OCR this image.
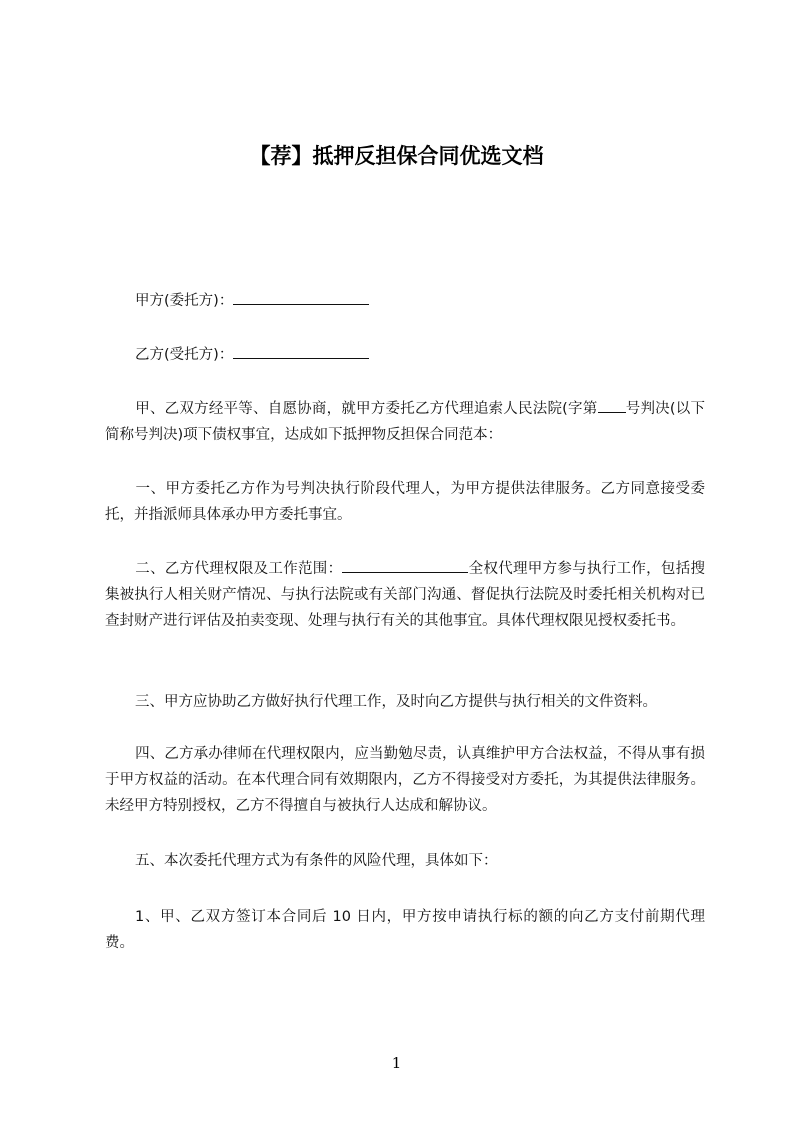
【荐】抵押反担保合同优选文档
甲方(委托方)：
乙方(受托方)：
甲、乙双方经平等、自愿协商，就甲方委托乙方代理追索人民法院(字第 号判决(以下简称号判决)项下债权事宜，达成如下抵押物反担保合同范本：
一、甲方委托乙方作为号判决执行阶段代理人，为甲方提供法律服务。乙方同意接受委托，并指派师具体承办甲方委托事宜。
二、乙方代理权限及工作范围：	全权代理甲方参与执行工作，包括搜集被执行人相关财产情况、与执行法院或有关部门沟通、督促执行法院及时委托相关机构对已查封财产进行评估及拍卖变现、处理与执行有关的其他事宜。具体代理权限见授权委托书。
三、甲方应协助乙方做好执行代理工作，及时向乙方提供与执行相关的文件资料。
四、乙方承办律师在代理权限内，应当勤勉尽责，认真维护甲方合法权益，不得从事有损于甲方权益的活动。在本代理合同有效期限内，乙方不得接受对方委托，为其提供法律服务。未经甲方特别授权，乙方不得擅自与被执行人达成和解协议。
五、本次委托代理方式为有条件的风险代理，具体如下：
1、甲、乙双方签订本合同后 10 日内，甲方按申请执行标的额的向乙方支付前期代理费。
1
